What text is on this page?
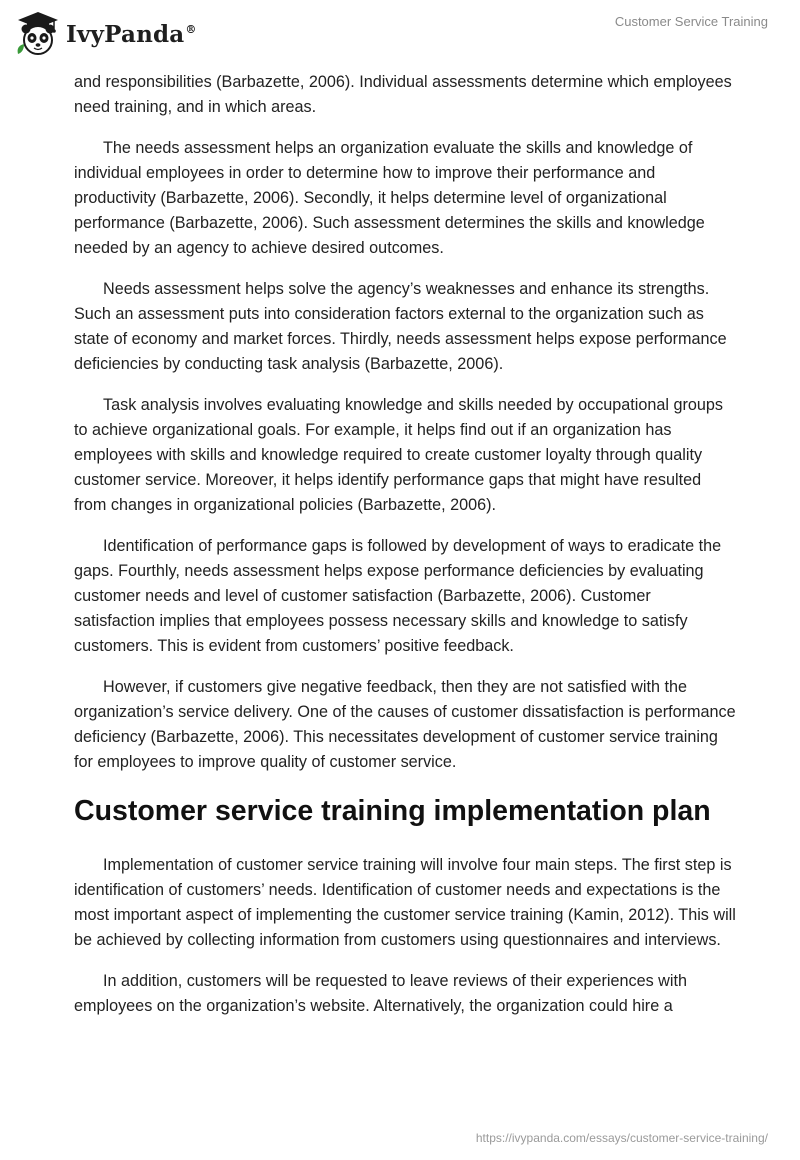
IvyPanda®
Customer Service Training

and responsibilities (Barbazette, 2006). Individual assessments determine which employees need training, and in which areas.

The needs assessment helps an organization evaluate the skills and knowledge of individual employees in order to determine how to improve their performance and productivity (Barbazette, 2006). Secondly, it helps determine level of organizational performance (Barbazette, 2006). Such assessment determines the skills and knowledge needed by an agency to achieve desired outcomes.

Needs assessment helps solve the agency’s weaknesses and enhance its strengths. Such an assessment puts into consideration factors external to the organization such as state of economy and market forces. Thirdly, needs assessment helps expose performance deficiencies by conducting task analysis (Barbazette, 2006).

Task analysis involves evaluating knowledge and skills needed by occupational groups to achieve organizational goals. For example, it helps find out if an organization has employees with skills and knowledge required to create customer loyalty through quality customer service. Moreover, it helps identify performance gaps that might have resulted from changes in organizational policies (Barbazette, 2006).

Identification of performance gaps is followed by development of ways to eradicate the gaps. Fourthly, needs assessment helps expose performance deficiencies by evaluating customer needs and level of customer satisfaction (Barbazette, 2006). Customer satisfaction implies that employees possess necessary skills and knowledge to satisfy customers. This is evident from customers’ positive feedback.

However, if customers give negative feedback, then they are not satisfied with the organization’s service delivery. One of the causes of customer dissatisfaction is performance deficiency (Barbazette, 2006). This necessitates development of customer service training for employees to improve quality of customer service.

Customer service training implementation plan

Implementation of customer service training will involve four main steps. The first step is identification of customers’ needs. Identification of customer needs and expectations is the most important aspect of implementing the customer service training (Kamin, 2012). This will be achieved by collecting information from customers using questionnaires and interviews.

In addition, customers will be requested to leave reviews of their experiences with employees on the organization’s website. Alternatively, the organization could hire a

https://ivypanda.com/essays/customer-service-training/
